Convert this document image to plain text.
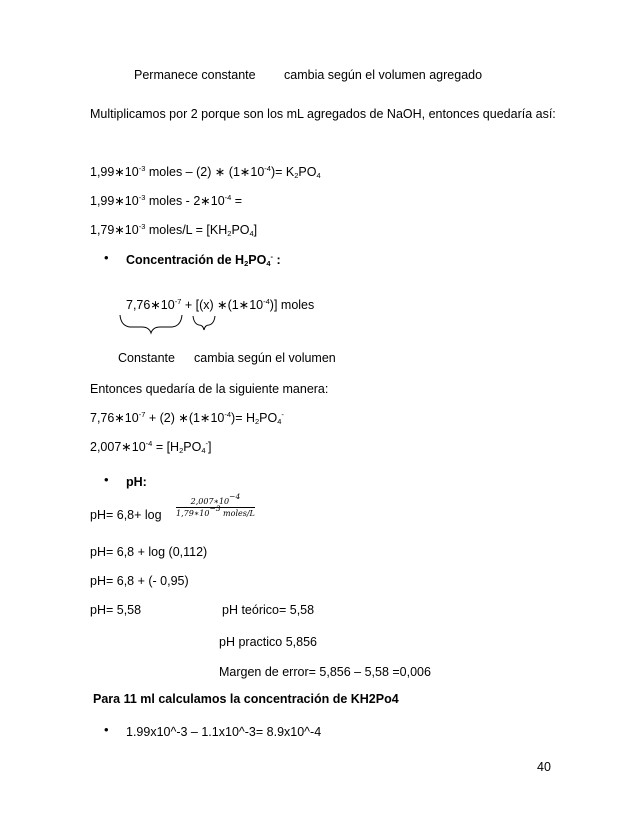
Permanece constante cambia según el volumen agregado
Multiplicamos por 2 porque son los mL agregados de NaOH, entonces quedaría así:
$1,99∗10^{-3}$ moles – (2) ∗ $(1∗10^{-4})= K_2PO_4$
$1,99∗10^{-3}$ moles - $2∗10^{-4}$ =
$1,79∗10^{-3}$ moles/L = $[KH_2PO_4]$
• Concentración de $H_2PO_4^-$ :
$7,76∗10^{-7} + [(x)$ $∗(1∗10^{-4})$] moles
Constante cambia según el volumen
Entonces quedaría de la siguiente manera:
$7,76∗10^{-7} + (2)$ $∗(1∗10^{-4})= H_2PO_4^-$
$2,007∗10^{-4} = [H_2PO_4^-]$
• pH:
pH= 6,8+ log
$2,007∗10^{-4}$
$1,79∗10^{-3}$ moles/L
pH= 6,8 + log (0,112)
pH= 6,8 + (- 0,95)
pH= 5,58	pH teórico= 5,58
pH practico 5,856
Margen de error= 5,856 – 5,58 =0,006
Para 11 ml calculamos la concentración de KH2Po4
• 1.99x10^-3 – 1.1x10^-3= 8.9x10^-4
40
